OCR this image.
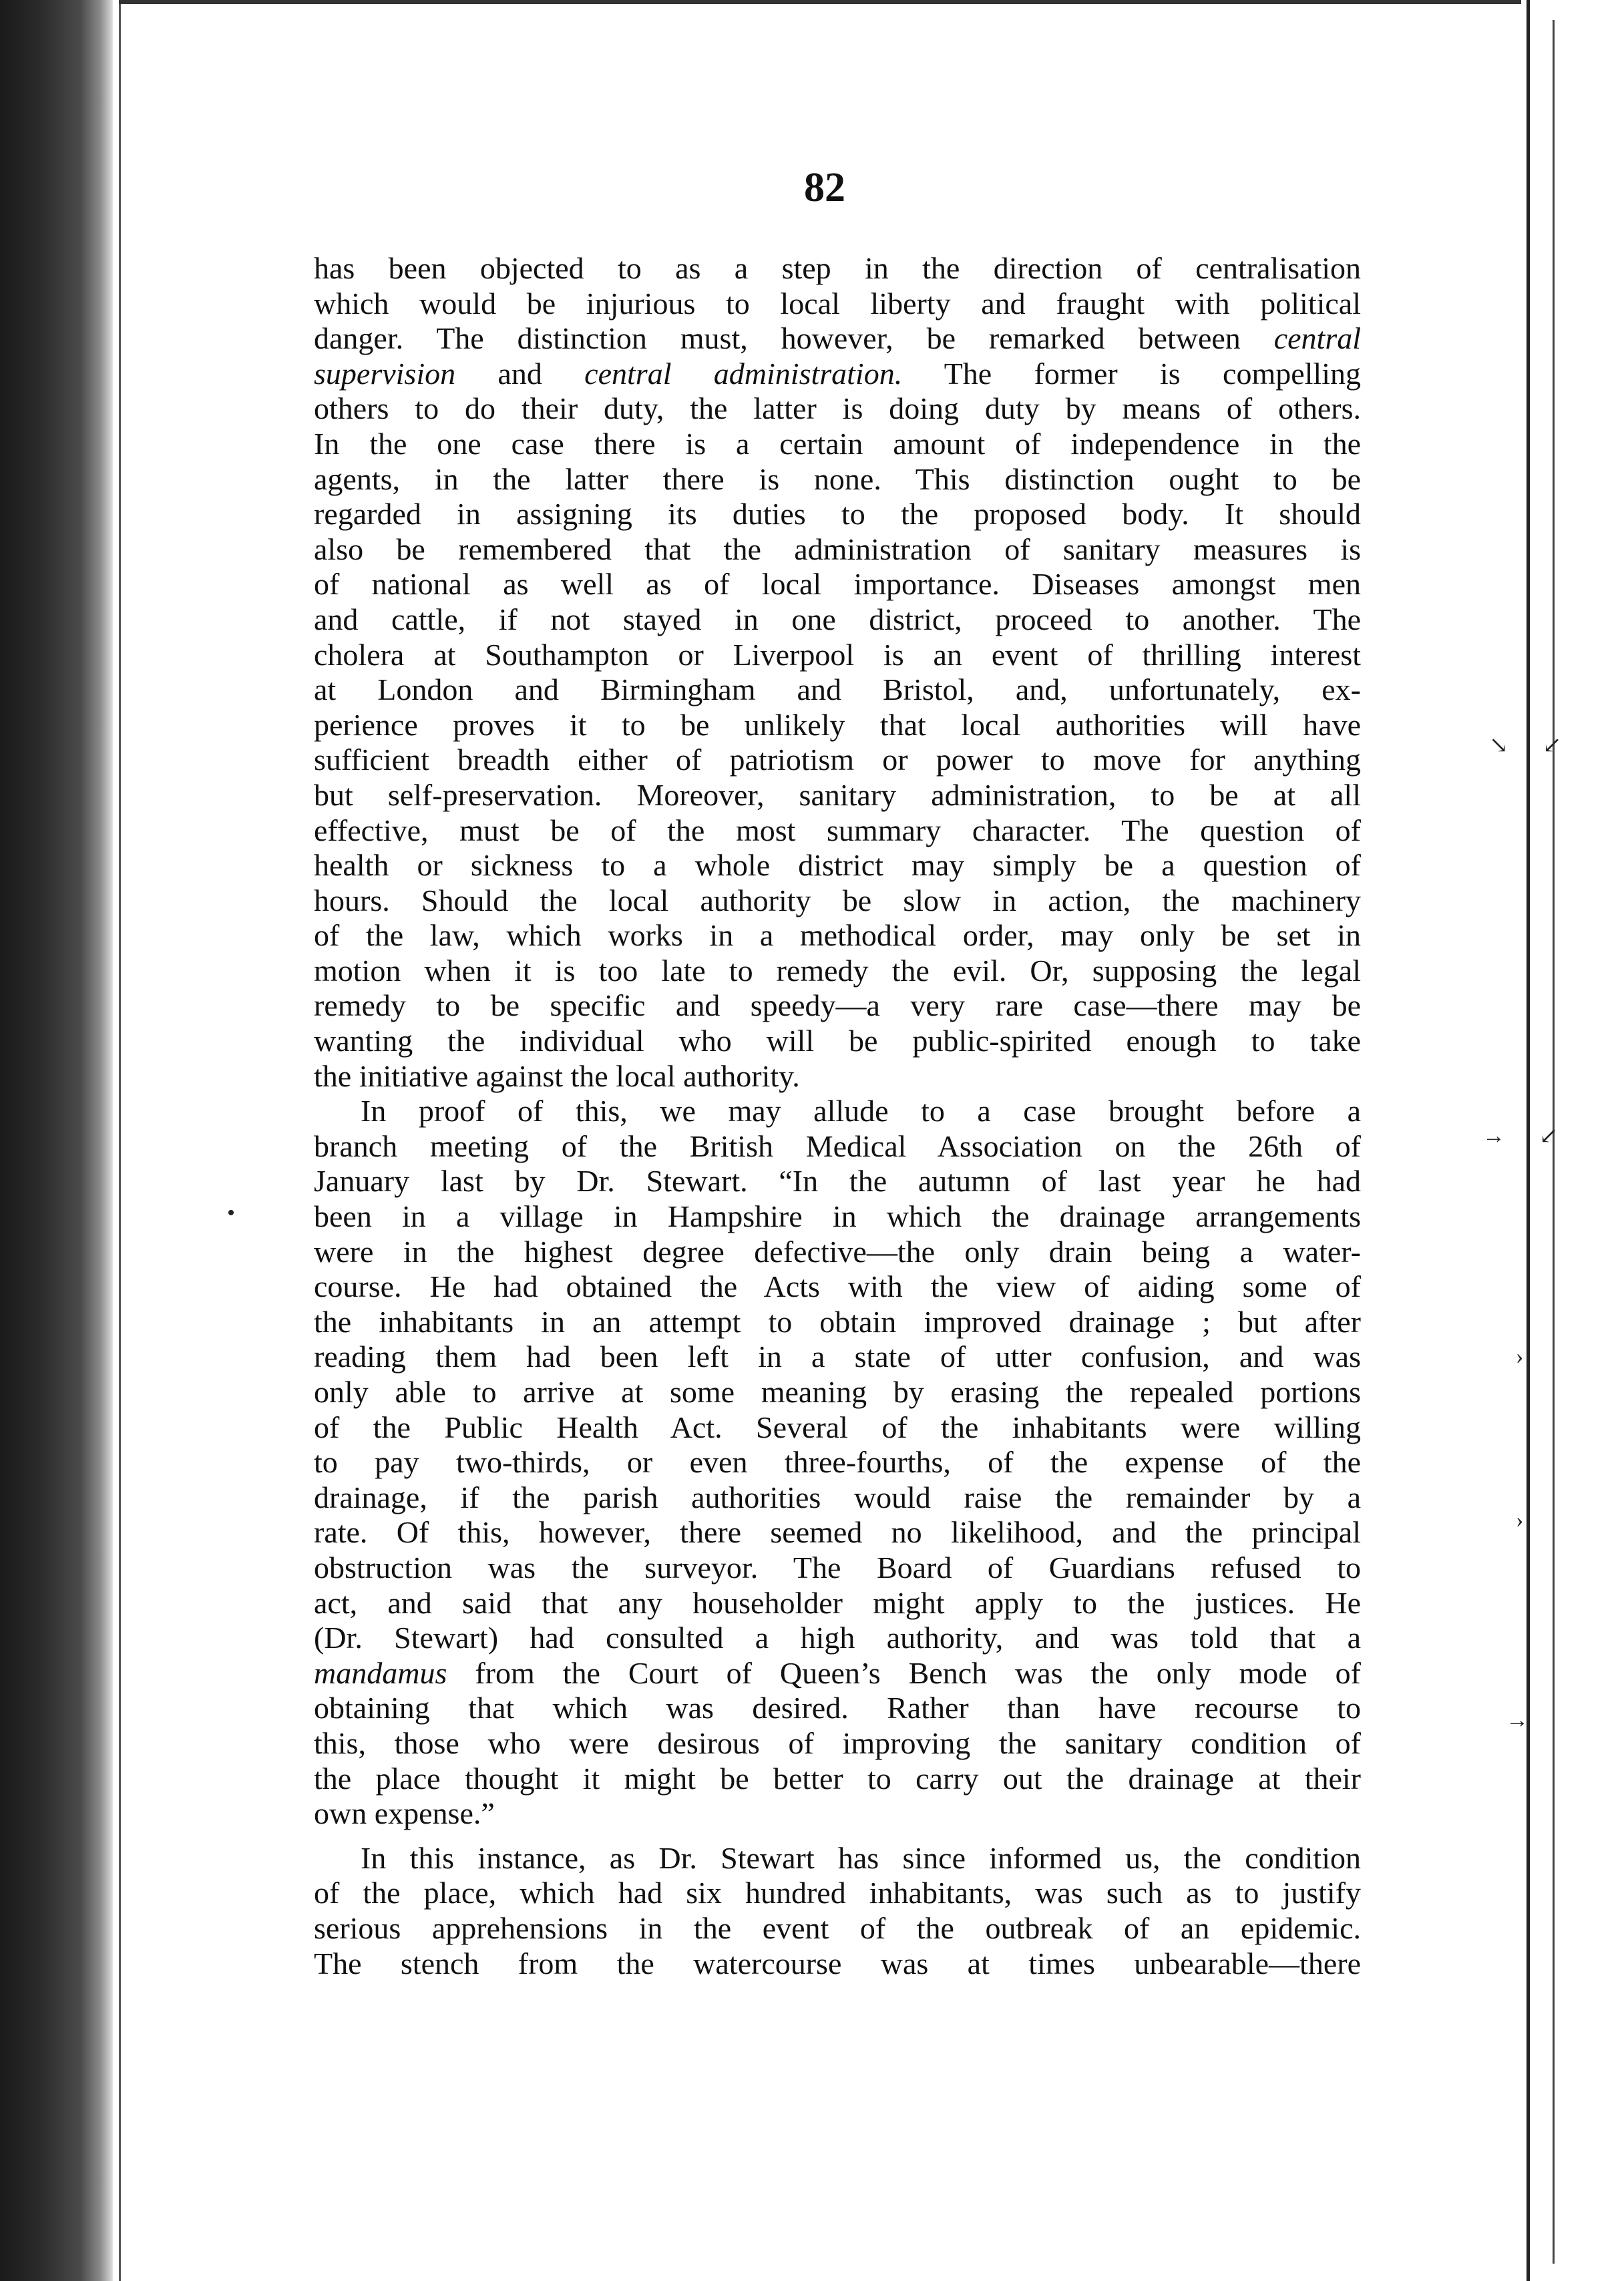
82
has been objected to as a step in the direction of centralisation
which would be injurious to local liberty and fraught with political
danger. The distinction must, however, be remarked between central
supervision and central administration. The former is compelling
others to do their duty, the latter is doing duty by means of others.
In the one case there is a certain amount of independence in the
agents, in the latter there is none. This distinction ought to be
regarded in assigning its duties to the proposed body. It should
also be remembered that the administration of sanitary measures is
of national as well as of local importance. Diseases amongst men
and cattle, if not stayed in one district, proceed to another. The
cholera at Southampton or Liverpool is an event of thrilling interest
at London and Birmingham and Bristol, and, unfortunately, ex-
perience proves it to be unlikely that local authorities will have
sufficient breadth either of patriotism or power to move for anything
but self-preservation. Moreover, sanitary administration, to be at all
effective, must be of the most summary character. The question of
health or sickness to a whole district may simply be a question of
hours. Should the local authority be slow in action, the machinery
of the law, which works in a methodical order, may only be set in
motion when it is too late to remedy the evil. Or, supposing the legal
remedy to be specific and speedy—a very rare case—there may be
wanting the individual who will be public-spirited enough to take
the initiative against the local authority.
In proof of this, we may allude to a case brought before a
branch meeting of the British Medical Association on the 26th of
January last by Dr. Stewart. “In the autumn of last year he had
been in a village in Hampshire in which the drainage arrangements
were in the highest degree defective—the only drain being a water-
course. He had obtained the Acts with the view of aiding some of
the inhabitants in an attempt to obtain improved drainage ; but after
reading them had been left in a state of utter confusion, and was
only able to arrive at some meaning by erasing the repealed portions
of the Public Health Act. Several of the inhabitants were willing
to pay two-thirds, or even three-fourths, of the expense of the
drainage, if the parish authorities would raise the remainder by a
rate. Of this, however, there seemed no likelihood, and the principal
obstruction was the surveyor. The Board of Guardians refused to
act, and said that any householder might apply to the justices. He
(Dr. Stewart) had consulted a high authority, and was told that a
mandamus from the Court of Queen’s Bench was the only mode of
obtaining that which was desired. Rather than have recourse to
this, those who were desirous of improving the sanitary condition of
the place thought it might be better to carry out the drainage at their
own expense.”
In this instance, as Dr. Stewart has since informed us, the condition
of the place, which had six hundred inhabitants, was such as to justify
serious apprehensions in the event of the outbreak of an epidemic.
The stench from the watercourse was at times unbearable—there
↘ ↙
→ ↙
•
›
›
→
